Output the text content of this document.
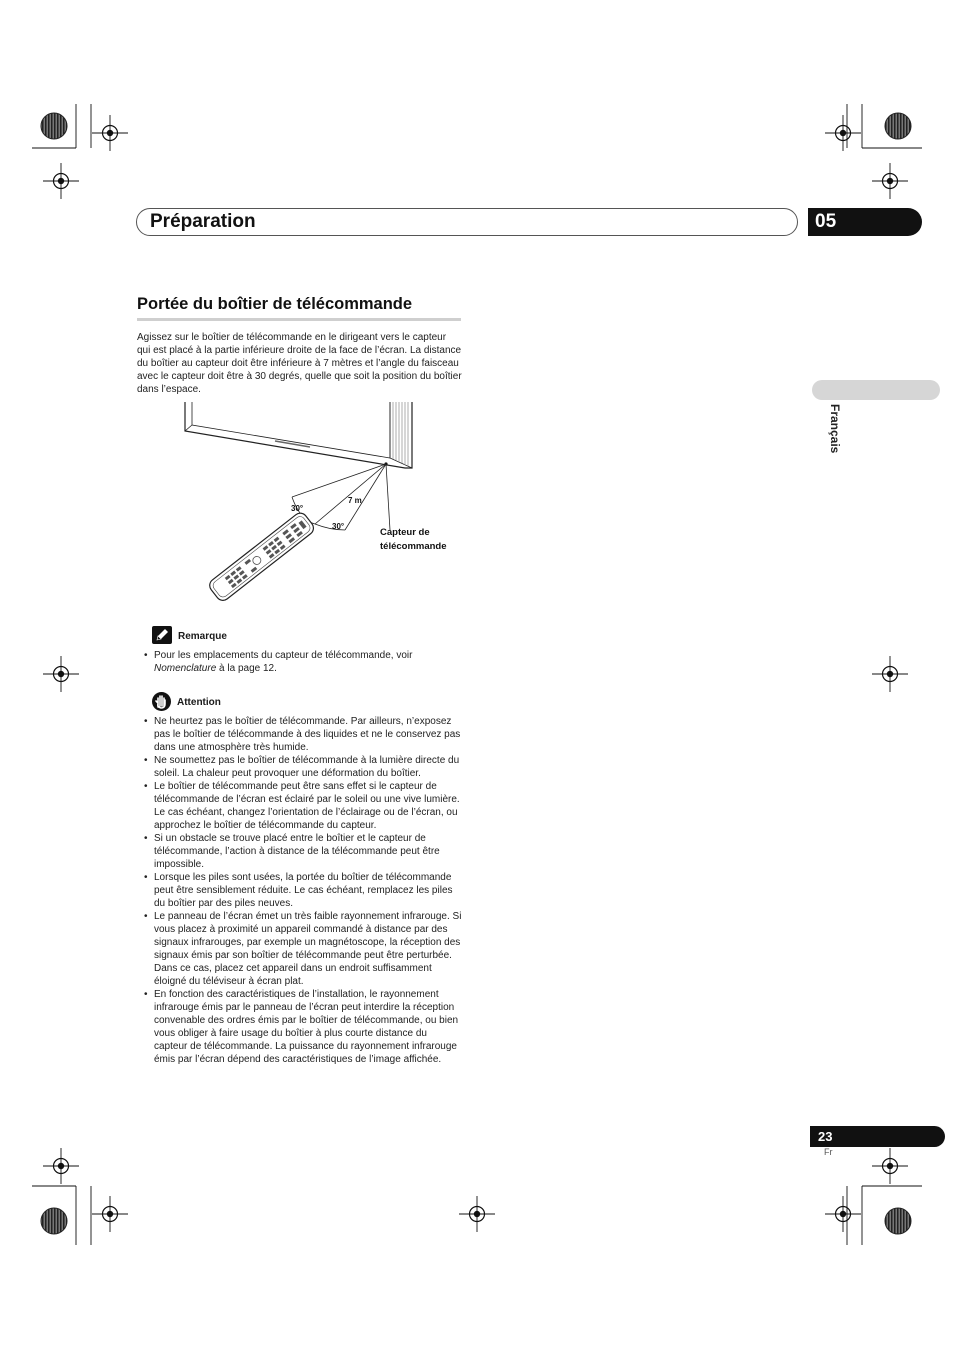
Préparation	05
Français
Portée du boîtier de télécommande
Agissez sur le boîtier de télécommande en le dirigeant vers le capteur qui est placé à la partie inférieure droite de la face de l’écran. La distance du boîtier au capteur doit être inférieure à 7 mètres et l’angle du faisceau avec le capteur doit être à 30 degrés, quelle que soit la position du boîtier dans l’espace.
7 m
30°
30°
Capteur de
télécommande
Remarque
• Pour les emplacements du capteur de télécommande, voir Nomenclature à la page 12.
Attention
• Ne heurtez pas le boîtier de télécommande. Par ailleurs, n’exposez pas le boîtier de télécommande à des liquides et ne le conservez pas dans une atmosphère très humide.
• Ne soumettez pas le boîtier de télécommande à la lumière directe du soleil. La chaleur peut provoquer une déformation du boîtier.
• Le boîtier de télécommande peut être sans effet si le capteur de télécommande de l’écran est éclairé par le soleil ou une vive lumière. Le cas échéant, changez l’orientation de l’éclairage ou de l’écran, ou approchez le boîtier de télécommande du capteur.
• Si un obstacle se trouve placé entre le boîtier et le capteur de télécommande, l’action à distance de la télécommande peut être impossible.
• Lorsque les piles sont usées, la portée du boîtier de télécommande peut être sensiblement réduite. Le cas échéant, remplacez les piles du boîtier par des piles neuves.
• Le panneau de l’écran émet un très faible rayonnement infrarouge. Si vous placez à proximité un appareil commandé à distance par des signaux infrarouges, par exemple un magnétoscope, la réception des signaux émis par son boîtier de télécommande peut être perturbée. Dans ce cas, placez cet appareil dans un endroit suffisamment éloigné du téléviseur à écran plat.
• En fonction des caractéristiques de l’installation, le rayonnement infrarouge émis par le panneau de l’écran peut interdire la réception convenable des ordres émis par le boîtier de télécommande, ou bien vous obliger à faire usage du boîtier à plus courte distance du capteur de télécommande. La puissance du rayonnement infrarouge émis par l’écran dépend des caractéristiques de l’image affichée.
23
Fr
